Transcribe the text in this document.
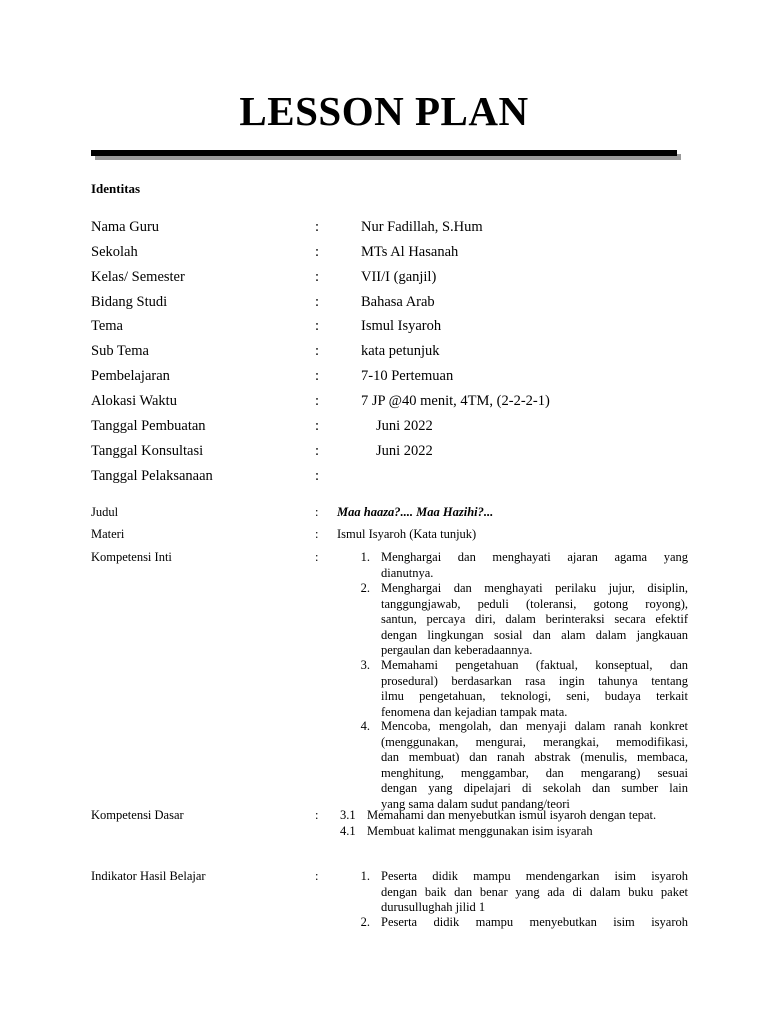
LESSON PLAN
Identitas
Nama Guru	:	Nur Fadillah, S.Hum
Sekolah	:	MTs Al Hasanah
Kelas/ Semester	:	VII/I (ganjil)
Bidang Studi	:	Bahasa Arab
Tema	:	Ismul Isyaroh
Sub Tema	:	kata petunjuk
Pembelajaran	:	7-10 Pertemuan
Alokasi Waktu	:	7 JP @40 menit, 4TM, (2-2-2-1)
Tanggal Pembuatan	:	Juni 2022
Tanggal Konsultasi	:	Juni 2022
Tanggal Pelaksanaan	:
Judul	: Maa haaza?.... Maa Hazihi?...
Materi	: Ismul Isyaroh (Kata tunjuk)
Kompetensi Inti	:	1. Menghargai dan menghayati ajaran agama yang
dianutnya.
2. Menghargai dan menghayati perilaku jujur, disiplin,
tanggungjawab, peduli (toleransi, gotong royong),
santun, percaya diri, dalam berinteraksi secara efektif
dengan lingkungan sosial dan alam dalam jangkauan
pergaulan dan keberadaannya.
3. Memahami pengetahuan (faktual, konseptual, dan
prosedural) berdasarkan rasa ingin tahunya tentang
ilmu pengetahuan, teknologi, seni, budaya terkait
fenomena dan kejadian tampak mata.
4. Mencoba, mengolah, dan menyaji dalam ranah konkret
(menggunakan, mengurai, merangkai, memodifikasi,
dan membuat) dan ranah abstrak (menulis, membaca,
menghitung, menggambar, dan mengarang) sesuai
dengan yang dipelajari di sekolah dan sumber lain
yang sama dalam sudut pandang/teori
Kompetensi Dasar	: 3.1 Memahami dan menyebutkan ismul isyaroh dengan tepat.
4.1 Membuat kalimat menggunakan isim isyarah
Indikator Hasil Belajar	:	1. Peserta didik mampu mendengarkan isim isyaroh
dengan baik dan benar yang ada di dalam buku paket
durusullughah jilid 1
2. Peserta didik mampu menyebutkan isim isyaroh
